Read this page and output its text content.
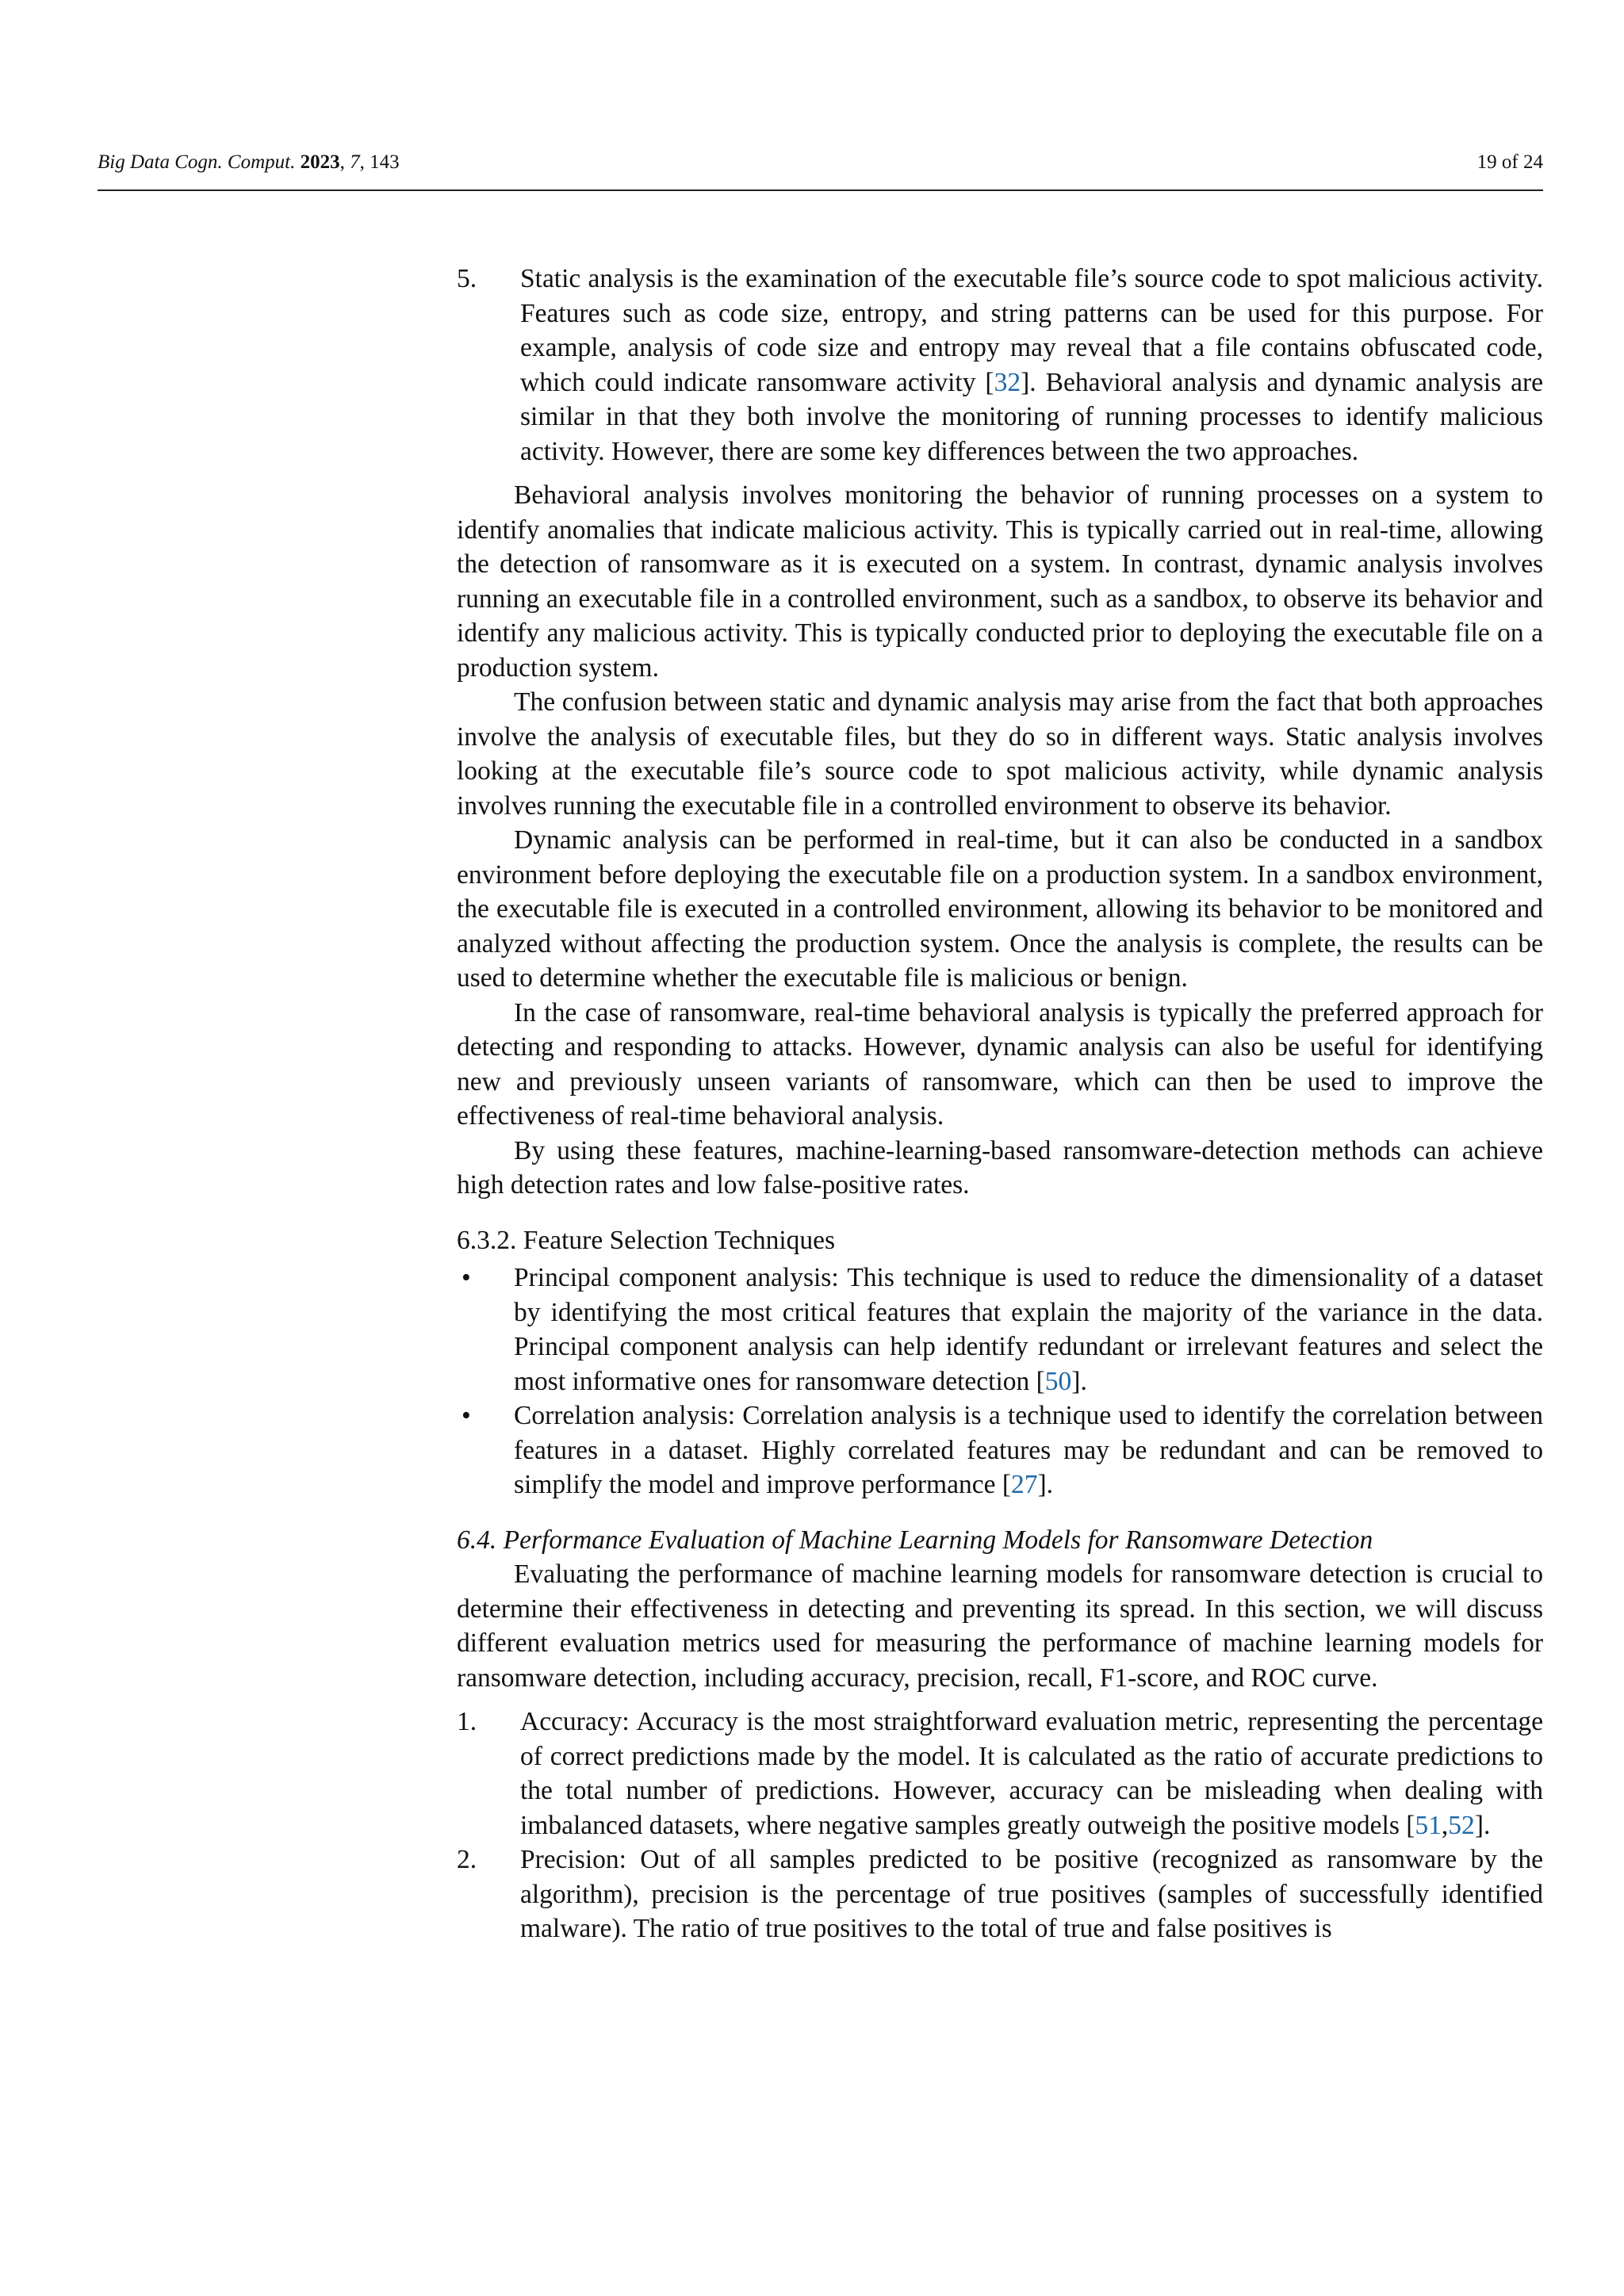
Big Data Cogn. Comput. 2023, 7, 143	19 of 24
5. Static analysis is the examination of the executable file’s source code to spot malicious activity. Features such as code size, entropy, and string patterns can be used for this purpose. For example, analysis of code size and entropy may reveal that a file contains obfuscated code, which could indicate ransomware activity [32]. Behavioral analysis and dynamic analysis are similar in that they both involve the monitoring of running processes to identify malicious activity. However, there are some key differences between the two approaches.

Behavioral analysis involves monitoring the behavior of running processes on a system to identify anomalies that indicate malicious activity. This is typically carried out in real-time, allowing the detection of ransomware as it is executed on a system. In contrast, dynamic analysis involves running an executable file in a controlled environment, such as a sandbox, to observe its behavior and identify any malicious activity. This is typically conducted prior to deploying the executable file on a production system.

The confusion between static and dynamic analysis may arise from the fact that both approaches involve the analysis of executable files, but they do so in different ways. Static analysis involves looking at the executable file’s source code to spot malicious activity, while dynamic analysis involves running the executable file in a controlled environment to observe its behavior.

Dynamic analysis can be performed in real-time, but it can also be conducted in a sandbox environment before deploying the executable file on a production system. In a sandbox environment, the executable file is executed in a controlled environment, allowing its behavior to be monitored and analyzed without affecting the production system. Once the analysis is complete, the results can be used to determine whether the executable file is malicious or benign.

In the case of ransomware, real-time behavioral analysis is typically the preferred approach for detecting and responding to attacks. However, dynamic analysis can also be useful for identifying new and previously unseen variants of ransomware, which can then be used to improve the effectiveness of real-time behavioral analysis.

By using these features, machine-learning-based ransomware-detection methods can achieve high detection rates and low false-positive rates.

6.3.2. Feature Selection Techniques
• Principal component analysis: This technique is used to reduce the dimensionality of a dataset by identifying the most critical features that explain the majority of the variance in the data. Principal component analysis can help identify redundant or irrelevant features and select the most informative ones for ransomware detection [50].
• Correlation analysis: Correlation analysis is a technique used to identify the correlation between features in a dataset. Highly correlated features may be redundant and can be removed to simplify the model and improve performance [27].
6.4. Performance Evaluation of Machine Learning Models for Ransomware Detection

Evaluating the performance of machine learning models for ransomware detection is crucial to determine their effectiveness in detecting and preventing its spread. In this section, we will discuss different evaluation metrics used for measuring the performance of machine learning models for ransomware detection, including accuracy, precision, recall, F1-score, and ROC curve.

1. Accuracy: Accuracy is the most straightforward evaluation metric, representing the percentage of correct predictions made by the model. It is calculated as the ratio of accurate predictions to the total number of predictions. However, accuracy can be misleading when dealing with imbalanced datasets, where negative samples greatly outweigh the positive models [51,52].
2. Precision: Out of all samples predicted to be positive (recognized as ransomware by the algorithm), precision is the percentage of true positives (samples of successfully identified malware). The ratio of true positives to the total of true and false positives is
